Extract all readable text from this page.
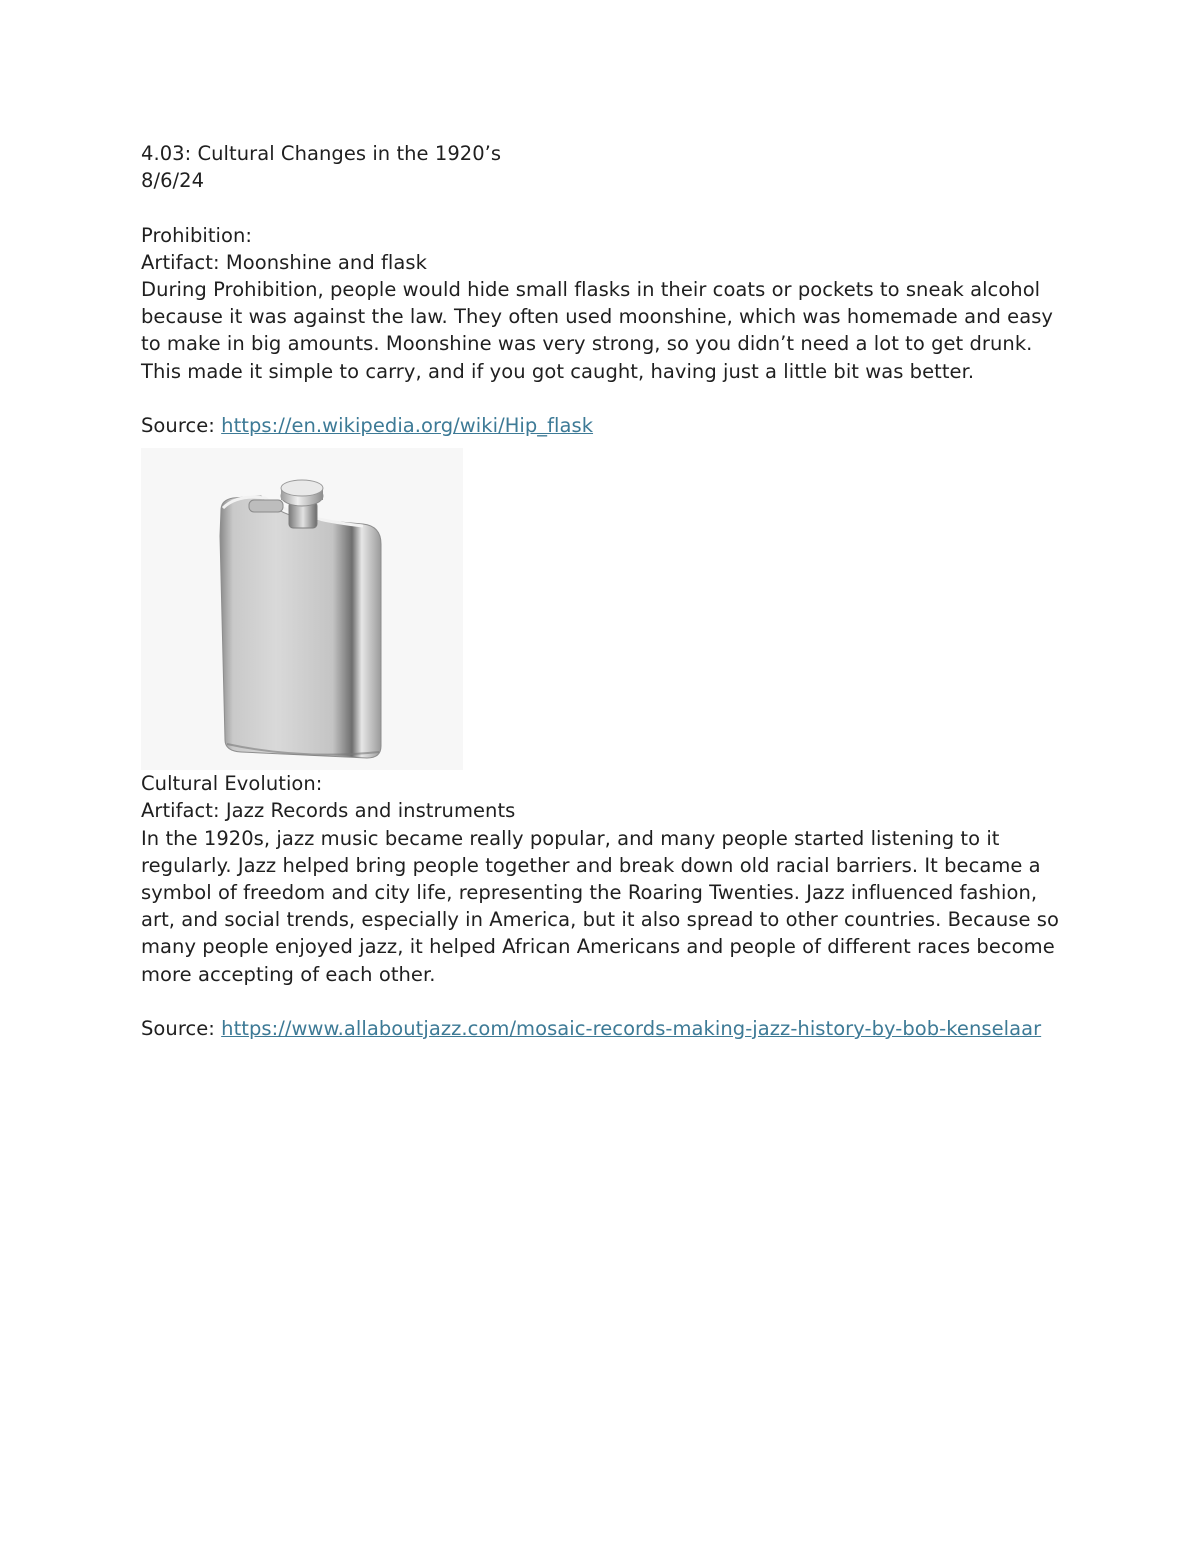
4.03: Cultural Changes in the 1920’s
8/6/24
Prohibition:
Artifact: Moonshine and flask

During Prohibition, people would hide small flasks in their coats or pockets to sneak alcohol because it was against the law. They often used moonshine, which was homemade and easy to make in big amounts. Moonshine was very strong, so you didn’t need a lot to get drunk. This made it simple to carry, and if you got caught, having just a little bit was better.

Source: https://en.wikipedia.org/wiki/Hip_flask
Cultural Evolution:
Artifact: Jazz Records and instruments

In the 1920s, jazz music became really popular, and many people started listening to it regularly. Jazz helped bring people together and break down old racial barriers. It became a symbol of freedom and city life, representing the Roaring Twenties. Jazz influenced fashion, art, and social trends, especially in America, but it also spread to other countries. Because so many people enjoyed jazz, it helped African Americans and people of different races become more accepting of each other.

Source: https://www.allaboutjazz.com/mosaic-records-making-jazz-history-by-bob-kenselaar
